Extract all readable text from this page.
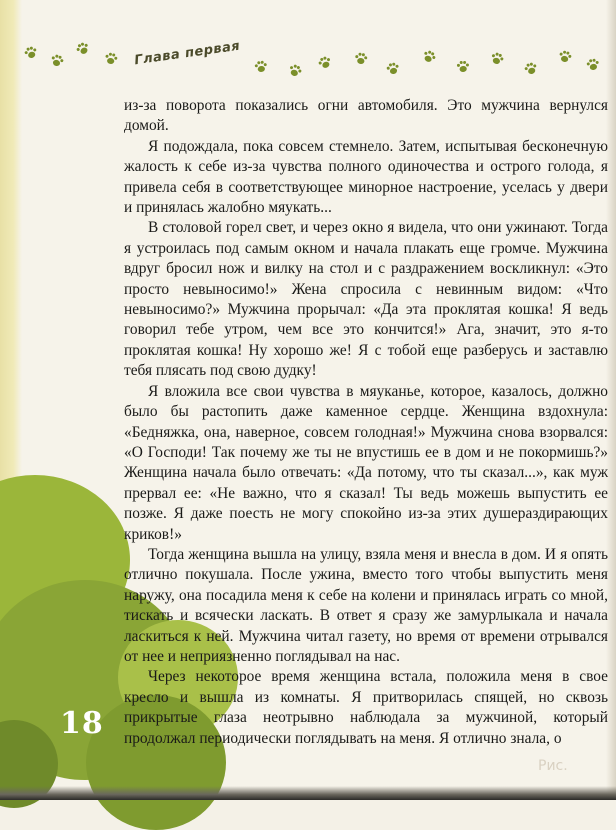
Глава первая

из-за поворота показались огни автомобиля. Это мужчина вернулся домой.

Я подождала, пока совсем стемнело. Затем, испытывая бесконечную жалость к себе из-за чувства полного одиночества и острого голода, я привела себя в соответствующее минорное настроение, уселась у двери и принялась жалобно мяукать...

В столовой горел свет, и через окно я видела, что они ужинают. Тогда я устроилась под самым окном и начала плакать еще громче. Мужчина вдруг бросил нож и вилку на стол и с раздражением воскликнул: «Это просто невыносимо!» Жена спросила с невинным видом: «Что невыносимо?» Мужчина прорычал: «Да эта проклятая кошка! Я ведь говорил тебе утром, чем все это кончится!» Ага, значит, это я-то проклятая кошка! Ну хорошо же! Я с тобой еще разберусь и заставлю тебя плясать под свою дудку!

Я вложила все свои чувства в мяуканье, которое, казалось, должно было бы растопить даже каменное сердце. Женщина вздохнула: «Бедняжка, она, наверное, совсем голодная!» Мужчина снова взорвался: «О Господи! Так почему же ты не впустишь ее в дом и не покормишь?» Женщина начала было отвечать: «Да потому, что ты сказал...», как муж прервал ее: «Не важно, что я сказал! Ты ведь можешь выпустить ее позже. Я даже поесть не могу спокойно из-за этих душераздирающих криков!»

Тогда женщина вышла на улицу, взяла меня и внесла в дом. И я опять отлично покушала. После ужина, вместо того чтобы выпустить меня наружу, она посадила меня к себе на колени и принялась играть со мной, тискать и всячески ласкать. В ответ я сразу же замурлыкала и начала ласкиться к ней. Мужчина читал газету, но время от времени отрывался от нее и неприязненно поглядывал на нас.

Через некоторое время женщина встала, положила меня в свое кресло и вышла из комнаты. Я притворилась спящей, но сквозь прикрытые глаза неотрывно наблюдала за мужчиной, который продолжал периодически поглядывать на меня. Я отлично знала, о

18
Рис.
